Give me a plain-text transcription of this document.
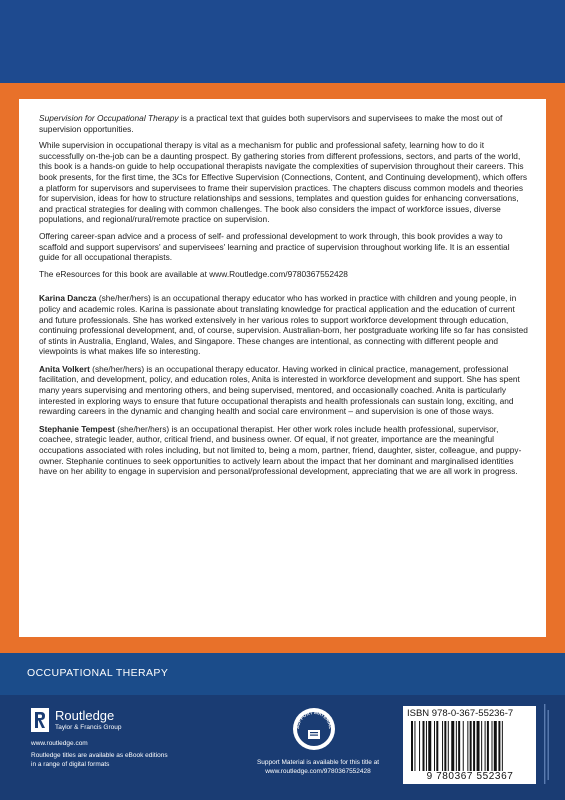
Supervision for Occupational Therapy is a practical text that guides both supervisors and supervisees to make the most out of supervision opportunities.

While supervision in occupational therapy is vital as a mechanism for public and professional safety, learning how to do it successfully on-the-job can be a daunting prospect. By gathering stories from different professions, sectors, and parts of the world, this book is a hands-on guide to help occupational therapists navigate the complexities of supervision throughout their careers. This book presents, for the first time, the 3Cs for Effective Supervision (Connections, Content, and Continuing development), which offers a platform for supervisors and supervisees to frame their supervision practices. The chapters discuss common models and theories for supervision, ideas for how to structure relationships and sessions, templates and question guides for enhancing conversations, and practical strategies for dealing with common challenges. The book also considers the impact of workforce issues, diverse populations, and regional/rural/remote practice on supervision.

Offering career-span advice and a process of self- and professional development to work through, this book provides a way to scaffold and support supervisors' and supervisees' learning and practice of supervision throughout working life. It is an essential guide for all occupational therapists.

The eResources for this book are available at www.Routledge.com/9780367552428

Karina Dancza (she/her/hers) is an occupational therapy educator who has worked in practice with children and young people, in policy and academic roles. Karina is passionate about translating knowledge for practical application and the education of current and future professionals. She has worked extensively in her various roles to support workforce development through education, continuing professional development, and, of course, supervision. Australian-born, her postgraduate working life so far has consisted of stints in Australia, England, Wales, and Singapore. These changes are intentional, as connecting with different people and viewpoints is what makes life so interesting.

Anita Volkert (she/her/hers) is an occupational therapy educator. Having worked in clinical practice, management, professional facilitation, and development, policy, and education roles, Anita is interested in workforce development and support. She has spent many years supervising and mentoring others, and being supervised, mentored, and occasionally coached. Anita is particularly interested in exploring ways to ensure that future occupational therapists and health professionals can sustain long, exciting, and rewarding careers in the dynamic and changing health and social care environment – and supervision is one of those ways.

Stephanie Tempest (she/her/hers) is an occupational therapist. Her other work roles include health professional, supervisor, coachee, strategic leader, author, critical friend, and business owner. Of equal, if not greater, importance are the meaningful occupations associated with roles including, but not limited to, being a mom, partner, friend, daughter, sister, colleague, and puppy-owner. Stephanie continues to seek opportunities to actively learn about the impact that her dominant and marginalised identities have on her ability to engage in supervision and personal/professional development, appreciating that we are all work in progress.

OCCUPATIONAL THERAPY
Routledge
Taylor & Francis Group
www.routledge.com
Routledge titles are available as eBook editions in a range of digital formats
SUPPORT MATERIAL
Support Material is available for this title at www.routledge.com/9780367552428
ISBN 978-0-367-55236-7
9 780367 552367
